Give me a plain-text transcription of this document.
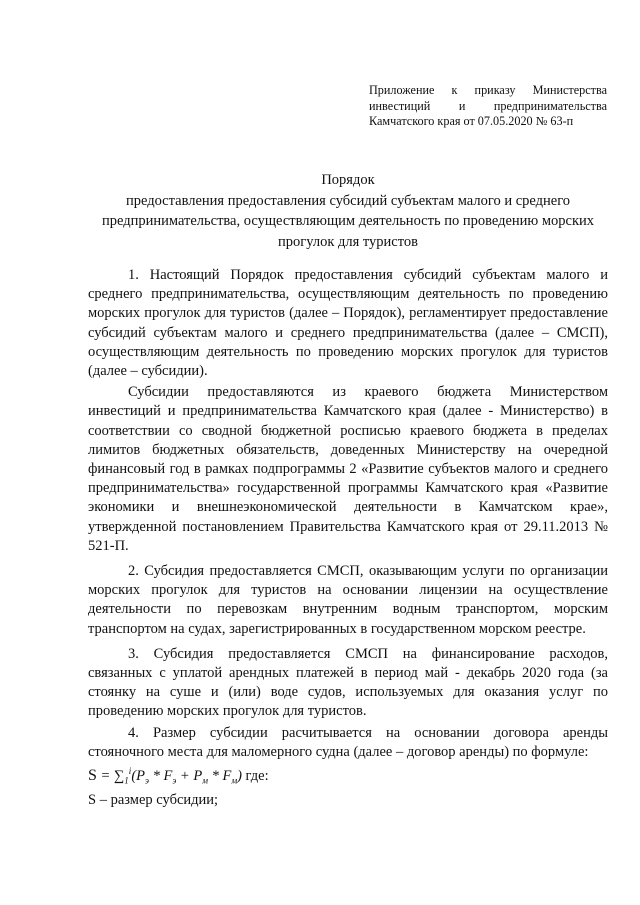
Приложение к приказу Министерства
инвестиций и предпринимательства
Камчатского края от 07.05.2020 № 63-п
Порядок
предоставления предоставления субсидий субъектам малого и среднего предпринимательства, осуществляющим деятельность по проведению морских прогулок для туристов

1. Настоящий Порядок предоставления субсидий субъектам малого и среднего предпринимательства, осуществляющим деятельность по проведению морских прогулок для туристов (далее – Порядок), регламентирует предоставление субсидий субъектам малого и среднего предпринимательства (далее – СМСП), осуществляющим деятельность по проведению морских прогулок для туристов (далее – субсидии).

Субсидии предоставляются из краевого бюджета Министерством инвестиций и предпринимательства Камчатского края (далее - Министерство) в соответствии со сводной бюджетной росписью краевого бюджета в пределах лимитов бюджетных обязательств, доведенных Министерству на очередной финансовый год в рамках подпрограммы 2 «Развитие субъектов малого и среднего предпринимательства» государственной программы Камчатского края «Развитие экономики и внешнеэкономической деятельности в Камчатском крае», утвержденной постановлением Правительства Камчатского края от 29.11.2013 № 521-П.

2. Субсидия предоставляется СМСП, оказывающим услуги по организации морских прогулок для туристов на основании лицензии на осуществление деятельности по перевозкам внутренним водным транспортом, морским транспортом на судах, зарегистрированных в государственном морском реестре.

3. Субсидия предоставляется СМСП на финансирование расходов, связанных с уплатой арендных платежей в период май - декабрь 2020 года (за стоянку на суше и (или) воде судов, используемых для оказания услуг по проведению морских прогулок для туристов.

4. Размер субсидии расчитывается на основании договора аренды стояночного места для маломерного судна (далее – договор аренды) по формуле:

$S = \sum_1^i(P_э * F_э + P_м * F_м)$ где:

S – размер субсидии;
